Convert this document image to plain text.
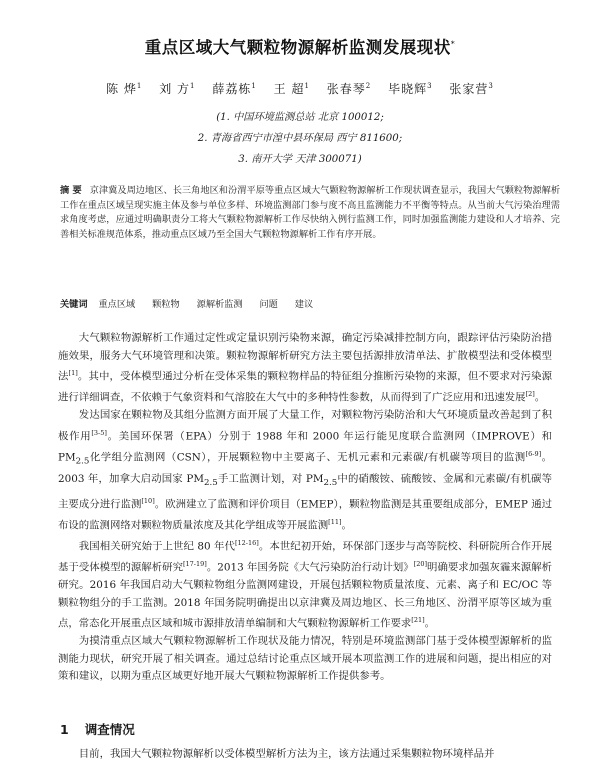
重点区域大气颗粒物源解析监测发展现状*
陈 烨$^1$ 刘 方$^1$ 薛荔栋$^1$ 王 超$^1$ 张春琴$^2$ 毕晓辉$^3$ 张家营$^3$
(1. 中国环境监测总站 北京 100012;
2. 青海省西宁市湟中县环保局 西宁 811600;
3. 南开大学 天津 300071)
摘 要 京津冀及周边地区、长三角地区和汾渭平原等重点区域大气颗粒物源解析工作现状调查显示，我国大气颗粒物源解析工作在重点区域呈现实施主体及参与单位多样、环境监测部门参与度不高且监测能力不平衡等特点。从当前大气污染治理需求角度考虑，应通过明确职责分工将大气颗粒物源解析工作尽快纳入例行监测工作，同时加强监测能力建设和人才培养、完善相关标准规范体系，推动重点区域乃至全国大气颗粒物源解析工作有序开展。
关键词 重点区域 颗粒物 源解析监测 问题 建议

大气颗粒物源解析工作通过定性或定量识别污染物来源，确定污染减排控制方向，跟踪评估污染防治措施效果，服务大气环境管理和决策。颗粒物源解析研究方法主要包括源排放清单法、扩散模型法和受体模型法[1]。其中，受体模型通过分析在受体采集的颗粒物样品的特征组分推断污染物的来源，但不要求对污染源进行详细调查，不依赖于气象资料和气溶胶在大气中的多种特性参数，从而得到了广泛应用和迅速发展[2]。

发达国家在颗粒物及其组分监测方面开展了大量工作，对颗粒物污染防治和大气环境质量改善起到了积极作用[3-5]。美国环保署（EPA）分别于 1988 年和 2000 年运行能见度联合监测网（IMPROVE）和 $PM_{2.5}$化学组分监测网（CSN），开展颗粒物中主要离子、无机元素和元素碳/有机碳等项目的监测[6-9]。2003 年，加拿大启动国家 $PM_{2.5}$手工监测计划，对 $PM_{2.5}$中的硝酸铵、硫酸铵、金属和元素碳/有机碳等主要成分进行监测[10]。欧洲建立了监测和评价项目（EMEP），颗粒物监测是其重要组成部分，EMEP 通过布设的监测网络对颗粒物质量浓度及其化学组成等开展监测[11]。

我国相关研究始于上世纪 80 年代[12-16]。本世纪初开始，环保部门逐步与高等院校、科研院所合作开展基于受体模型的源解析研究[17-19]。2013 年国务院《大气污染防治行动计划》[20]明确要求加强灰霾来源解析研究。2016 年我国启动大气颗粒物组分监测网建设，开展包括颗粒物质量浓度、元素、离子和 EC/OC 等颗粒物组分的手工监测。2018 年国务院明确提出以京津冀及周边地区、长三角地区、汾渭平原等区域为重点，常态化开展重点区域和城市源排放清单编制和大气颗粒物源解析工作要求[21]。

为摸清重点区域大气颗粒物源解析工作现状及能力情况，特别是环境监测部门基于受体模型源解析的监测能力现状，研究开展了相关调查。通过总结讨论重点区域开展本项监测工作的进展和问题，提出相应的对策和建议，以期为重点区域更好地开展大气颗粒物源解析工作提供参考。

1 调查情况
目前，我国大气颗粒物源解析以受体模型解析方法为主，该方法通过采集颗粒物环境样品并
